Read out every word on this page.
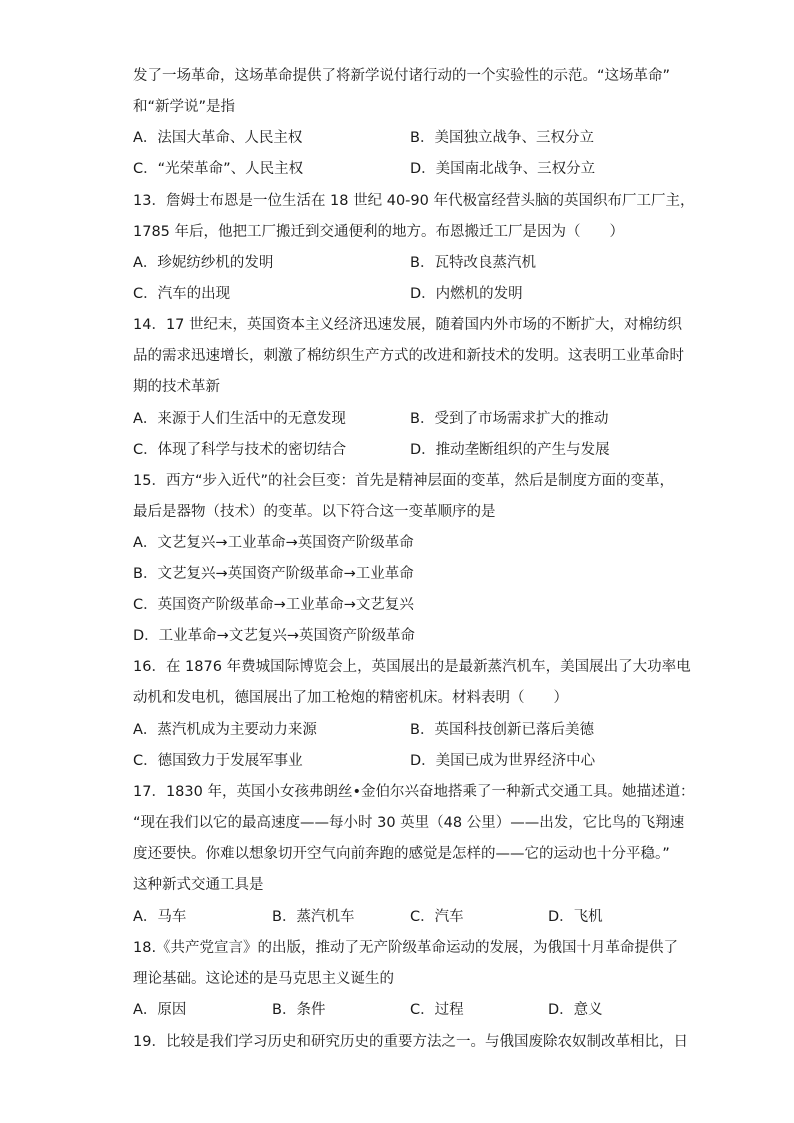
发了一场革命，这场革命提供了将新学说付诸行动的一个实验性的示范。“这场革命”
和“新学说”是指
A．法国大革命、人民主权	B．美国独立战争、三权分立
C．“光荣革命”、人民主权	D．美国南北战争、三权分立
13．詹姆士布恩是一位生活在 18 世纪 40-90 年代极富经营头脑的英国织布厂工厂主，
1785 年后，他把工厂搬迁到交通便利的地方。布恩搬迁工厂是因为（　　）
A．珍妮纺纱机的发明	B．瓦特改良蒸汽机
C．汽车的出现	D．内燃机的发明
14．17 世纪末，英国资本主义经济迅速发展，随着国内外市场的不断扩大，对棉纺织
品的需求迅速增长，刺激了棉纺织生产方式的改进和新技术的发明。这表明工业革命时
期的技术革新
A．来源于人们生活中的无意发现	B．受到了市场需求扩大的推动
C．体现了科学与技术的密切结合	D．推动垄断组织的产生与发展
15．西方“步入近代”的社会巨变：首先是精神层面的变革，然后是制度方面的变革，
最后是器物（技术）的变革。以下符合这一变革顺序的是
A．文艺复兴→工业革命→英国资产阶级革命
B．文艺复兴→英国资产阶级革命→工业革命
C．英国资产阶级革命→工业革命→文艺复兴
D．工业革命→文艺复兴→英国资产阶级革命
16．在 1876 年费城国际博览会上，英国展出的是最新蒸汽机车，美国展出了大功率电
动机和发电机，德国展出了加工枪炮的精密机床。材料表明（　　）
A．蒸汽机成为主要动力来源	B．英国科技创新已落后美德
C．德国致力于发展军事业	D．美国已成为世界经济中心
17．1830 年，英国小女孩弗朗丝•金伯尔兴奋地搭乘了一种新式交通工具。她描述道：
“现在我们以它的最高速度——每小时 30 英里（48 公里）——出发，它比鸟的飞翔速
度还要快。你难以想象切开空气向前奔跑的感觉是怎样的——它的运动也十分平稳。”
这种新式交通工具是
A．马车	B．蒸汽机车	C．汽车	D．飞机
18.《共产党宣言》的出版，推动了无产阶级革命运动的发展，为俄国十月革命提供了
理论基础。这论述的是马克思主义诞生的
A．原因	B．条件	C．过程	D．意义
19．比较是我们学习历史和研究历史的重要方法之一。与俄国废除农奴制改革相比，日
